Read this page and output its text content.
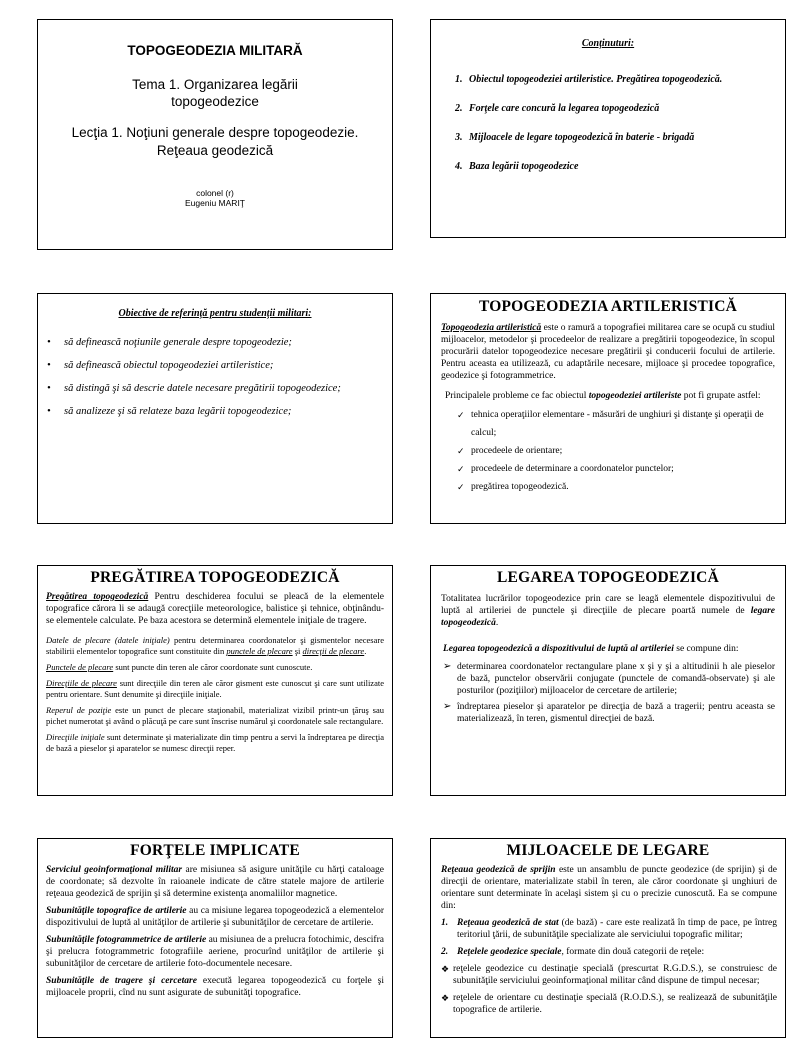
TOPOGEODEZIA MILITARĂ

Tema 1. Organizarea legării topogeodezice

Lecţia 1. Noţiuni generale despre topogeodezie. Reţeaua geodezică

colonel (r)

Eugeniu MARIŢ

Conţinuturi:

1. Obiectul topogeodeziei artileristice. Pregătirea topogeodezică.
2. Forţele care concură la legarea topogeodezică
3. Mijloacele de legare topogeodezică în baterie - brigadă
4. Baza legării topogeodezice

Obiective de referinţă pentru studenţii militari:

• să definească noţiunile generale despre topogeodezie;
• să definească obiectul topogeodeziei artileristice;
• să distingă şi să descrie datele necesare pregătirii topogeodezice;
• să analizeze şi să relateze baza legării topogeodezice;

TOPOGEODEZIA ARTILERISTICĂ

Topogeodezia artileristică este o ramură a topografiei militarea care se ocupă cu studiul mijloacelor, metodelor şi procedeelor de realizare a pregătirii topogeodezice, în scopul procurării datelor topogeodezice necesare pregătirii şi conducerii focului de artilerie. Pentru aceasta ea utilizează, cu adaptările necesare, mijloace şi procedee topografice, geodezice şi fotogrammetrice.

Principalele probleme ce fac obiectul topogeodeziei artileriste pot fi grupate astfel:

✓ tehnica operaţiilor elementare - măsurări de unghiuri şi distanţe şi operaţii de calcul;
✓ procedeele de orientare;
✓ procedeele de determinare a coordonatelor punctelor;
✓ pregătirea topogeodezică.

PREGĂTIREA TOPOGEODEZICĂ

Pregătirea topogeodezică Pentru deschiderea focului se pleacă de la elementele topografice cărora li se adaugă corecţiile meteorologice, balistice şi tehnice, obţinându-se elementele calculate. Pe baza acestora se determină elementele iniţiale de tragere.

Datele de plecare (datele iniţiale) pentru determinarea coordonatelor şi gismentelor necesare stabilirii elementelor topografice sunt constituite din punctele de plecare şi direcţii de plecare.

Punctele de plecare sunt puncte din teren ale căror coordonate sunt cunoscute.

Direcţiile de plecare sunt direcţiile din teren ale căror gisment este cunoscut şi care sunt utilizate pentru orientare. Sunt denumite şi direcţiile iniţiale.

Reperul de poziţie este un punct de plecare staţionabil, materializat vizibil printr-un ţăruş sau pichet numerotat şi având o plăcuţă pe care sunt înscrise numărul şi coordonatele sale rectangulare.

Direcţiile iniţiale sunt determinate şi materializate din timp pentru a servi la îndreptarea pe direcţia de bază a pieselor şi aparatelor se numesc direcţii reper.

LEGAREA TOPOGEODEZICĂ

Totalitatea lucrărilor topogeodezice prin care se leagă elementele dispozitivului de luptă al artileriei de punctele şi direcţiile de plecare poartă numele de legare topogeodezică.

Legarea topogeodezică a dispozitivului de luptă al artileriei se compune din:

➢ determinarea coordonatelor rectangulare plane x şi y şi a altitudinii h ale pieselor de bază, punctelor observării conjugate (punctele de comandă-observate) şi ale posturilor (poziţiilor) mijloacelor de cercetare de artilerie;
➢ îndreptarea pieselor şi aparatelor pe direcţia de bază a tragerii; pentru aceasta se materializează, în teren, gismentul direcţiei de bază.

FORŢELE IMPLICATE

Serviciul geoinformaţional militar are misiunea să asigure unităţile cu hărţi cataloage de coordonate; să dezvolte în raioanele indicate de către statele majore de artilerie reţeaua geodezică de sprijin şi să determine existenţa anomaliilor magnetice.

Subunităţile topografice de artilerie au ca misiune legarea topogeodezică a elementelor dispozitivului de luptă al unităţilor de artilerie şi subunităţilor de cercetare de artilerie.

Subunităţile fotogrammetrice de artilerie au misiunea de a prelucra fotochimic, descifra şi prelucra fotogrammetric fotografiile aeriene, procurînd unităţilor de artilerie şi subunităţilor de cercetare de artilerie foto-documentele necesare.

Subunităţile de tragere şi cercetare execută legarea topogeodezică cu forţele şi mijloacele proprii, cînd nu sunt asigurate de subunităţi topografice.

MIJLOACELE DE LEGARE

Reţeaua geodezică de sprijin este un ansamblu de puncte geodezice (de sprijin) şi de direcţii de orientare, materializate stabil în teren, ale căror coordonate şi unghiuri de orientare sunt determinate în acelaşi sistem şi cu o precizie cunoscută. Ea se compune din:

1. Reţeaua geodezică de stat (de bază) - care este realizată în timp de pace, pe întreg teritoriul ţării, de subunităţile specializate ale serviciului topografic militar;

2. Reţelele geodezice speciale, formate din două categorii de reţele:

❖ reţelele geodezice cu destinaţie specială (prescurtat R.G.D.S.), se construiesc de subunităţile serviciului geoinformaţional militar când dispune de timpul necesar;
❖ reţelele de orientare cu destinaţie specială (R.O.D.S.), se realizează de subunităţile topografice de artilerie.
